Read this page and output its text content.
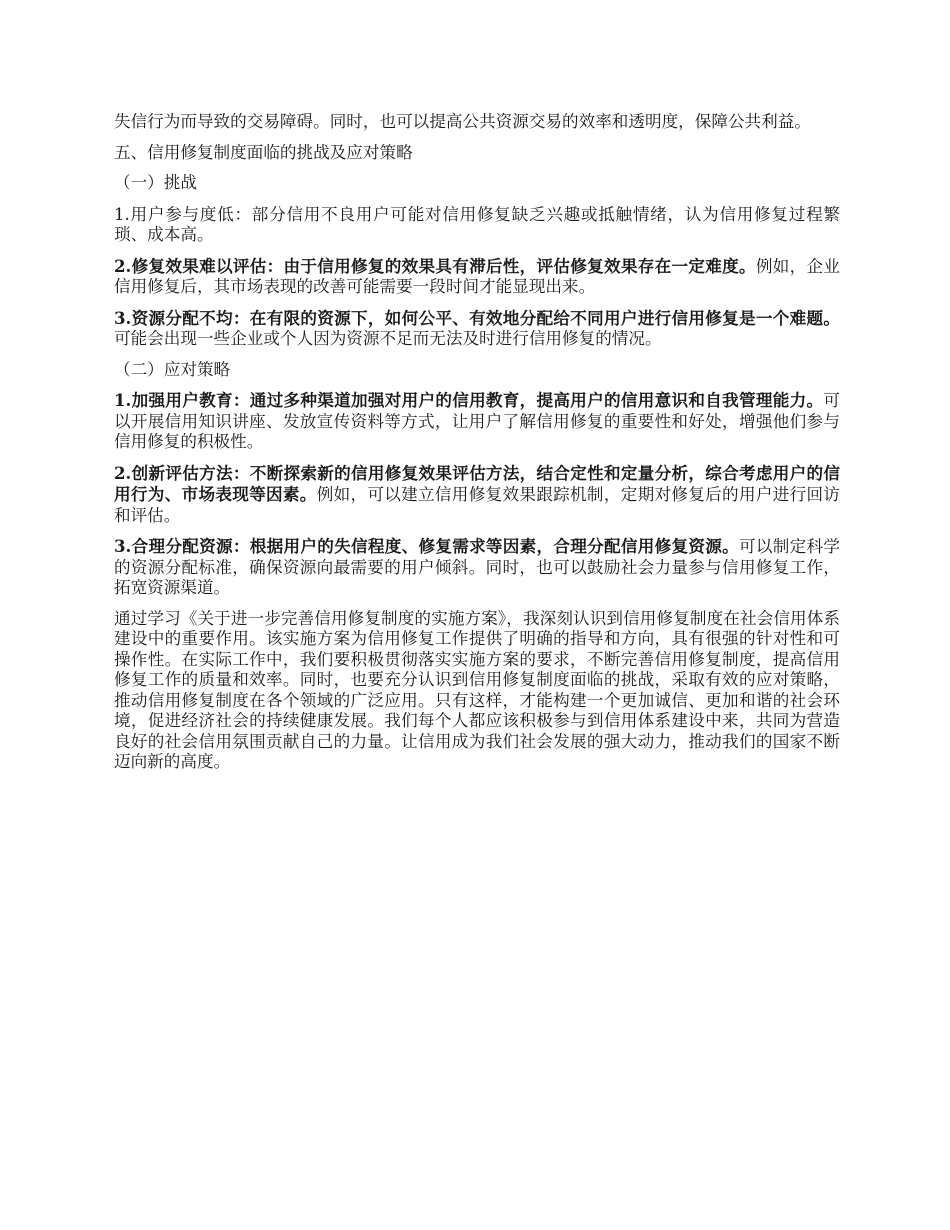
失信行为而导致的交易障碍。同时，也可以提高公共资源交易的效率和透明度，保障公共利益。

五、信用修复制度面临的挑战及应对策略

（一）挑战

1.用户参与度低：部分信用不良用户可能对信用修复缺乏兴趣或抵触情绪，认为信用修复过程繁琐、成本高。

2.修复效果难以评估：由于信用修复的效果具有滞后性，评估修复效果存在一定难度。例如，企业信用修复后，其市场表现的改善可能需要一段时间才能显现出来。

3.资源分配不均：在有限的资源下，如何公平、有效地分配给不同用户进行信用修复是一个难题。可能会出现一些企业或个人因为资源不足而无法及时进行信用修复的情况。

（二）应对策略

1.加强用户教育：通过多种渠道加强对用户的信用教育，提高用户的信用意识和自我管理能力。可以开展信用知识讲座、发放宣传资料等方式，让用户了解信用修复的重要性和好处，增强他们参与信用修复的积极性。

2.创新评估方法：不断探索新的信用修复效果评估方法，结合定性和定量分析，综合考虑用户的信用行为、市场表现等因素。例如，可以建立信用修复效果跟踪机制，定期对修复后的用户进行回访和评估。

3.合理分配资源：根据用户的失信程度、修复需求等因素，合理分配信用修复资源。可以制定科学的资源分配标准，确保资源向最需要的用户倾斜。同时，也可以鼓励社会力量参与信用修复工作，拓宽资源渠道。

通过学习《关于进一步完善信用修复制度的实施方案》，我深刻认识到信用修复制度在社会信用体系建设中的重要作用。该实施方案为信用修复工作提供了明确的指导和方向，具有很强的针对性和可操作性。在实际工作中，我们要积极贯彻落实实施方案的要求，不断完善信用修复制度，提高信用修复工作的质量和效率。同时，也要充分认识到信用修复制度面临的挑战，采取有效的应对策略，推动信用修复制度在各个领域的广泛应用。只有这样，才能构建一个更加诚信、更加和谐的社会环境，促进经济社会的持续健康发展。我们每个人都应该积极参与到信用体系建设中来，共同为营造良好的社会信用氛围贡献自己的力量。让信用成为我们社会发展的强大动力，推动我们的国家不断迈向新的高度。
